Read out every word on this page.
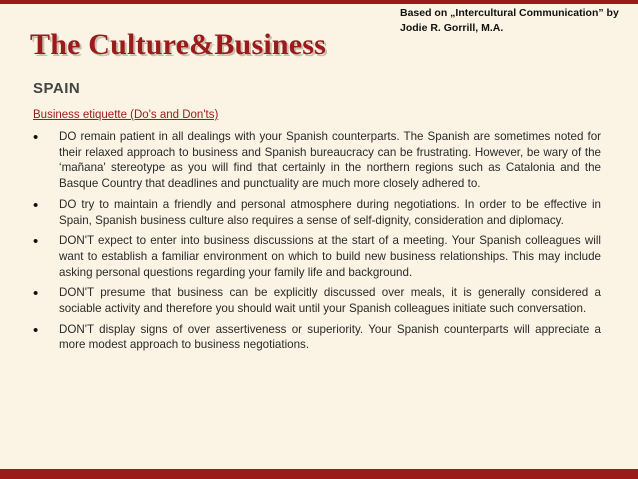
Based on „Intercultural Communication” by Jodie R. Gorrill, M.A.
The Culture&Business
SPAIN
Business etiquette (Do's and Don'ts)
• DO remain patient in all dealings with your Spanish counterparts. The Spanish are sometimes noted for their relaxed approach to business and Spanish bureaucracy can be frustrating. However, be wary of the ‘mañana' stereotype as you will find that certainly in the northern regions such as Catalonia and the Basque Country that deadlines and punctuality are much more closely adhered to.
• DO try to maintain a friendly and personal atmosphere during negotiations. In order to be effective in Spain, Spanish business culture also requires a sense of self-dignity, consideration and diplomacy.
• DON'T expect to enter into business discussions at the start of a meeting. Your Spanish colleagues will want to establish a familiar environment on which to build new business relationships. This may include asking personal questions regarding your family life and background.
• DON'T presume that business can be explicitly discussed over meals, it is generally considered a sociable activity and therefore you should wait until your Spanish colleagues initiate such conversation.
• DON'T display signs of over assertiveness or superiority. Your Spanish counterparts will appreciate a more modest approach to business negotiations.
